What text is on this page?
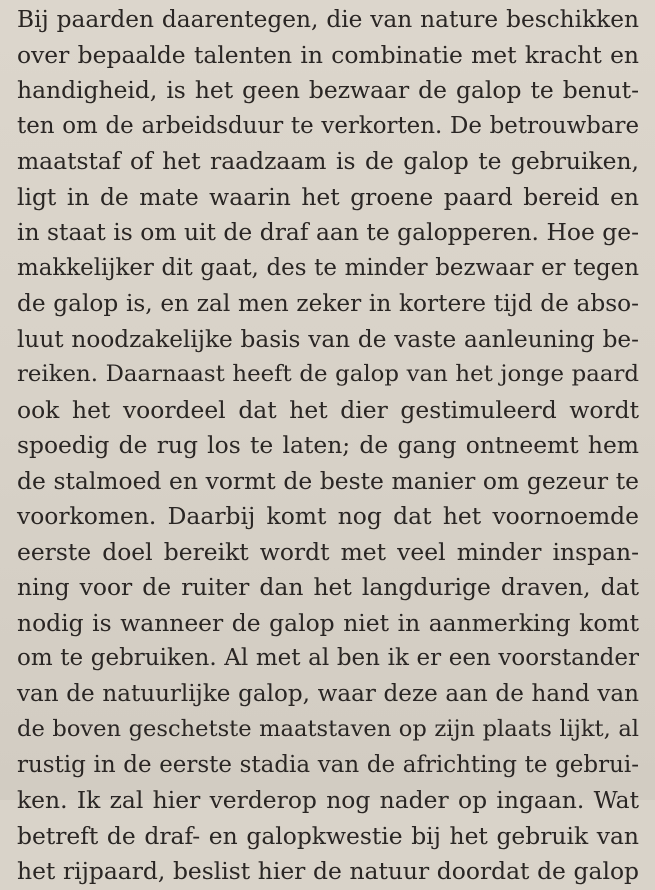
Bij paarden daarentegen, die van nature beschikken
over bepaalde talenten in combinatie met kracht en
handigheid, is het geen bezwaar de galop te benut-
ten om de arbeidsduur te verkorten. De betrouwbare
maatstaf of het raadzaam is de galop te gebruiken,
ligt in de mate waarin het groene paard bereid en
in staat is om uit de draf aan te galopperen. Hoe ge-
makkelijker dit gaat, des te minder bezwaar er tegen
de galop is, en zal men zeker in kortere tijd de abso-
luut noodzakelijke basis van de vaste aanleuning be-
reiken. Daarnaast heeft de galop van het jonge paard
ook het voordeel dat het dier gestimuleerd wordt
spoedig de rug los te laten; de gang ontneemt hem
de stalmoed en vormt de beste manier om gezeur te
voorkomen. Daarbij komt nog dat het voornoemde
eerste doel bereikt wordt met veel minder inspan-
ning voor de ruiter dan het langdurige draven, dat
nodig is wanneer de galop niet in aanmerking komt
om te gebruiken. Al met al ben ik er een voorstander
van de natuurlijke galop, waar deze aan de hand van
de boven geschetste maatstaven op zijn plaats lijkt, al
rustig in de eerste stadia van de africhting te gebrui-
ken. Ik zal hier verderop nog nader op ingaan. Wat
betreft de draf- en galopkwestie bij het gebruik van
het rijpaard, beslist hier de natuur doordat de galop
